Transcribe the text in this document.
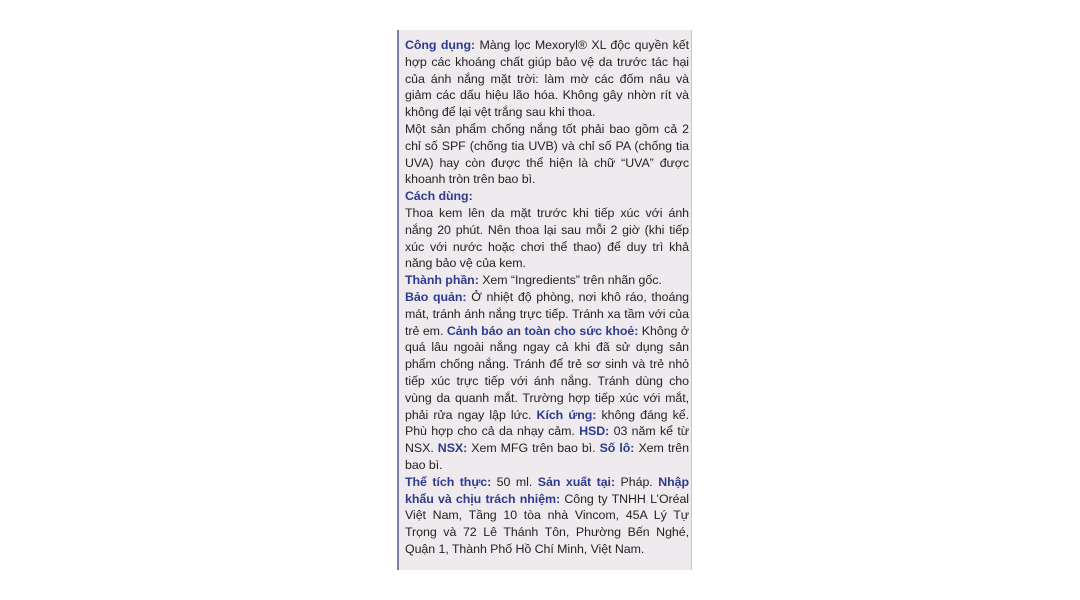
Công dụng: Màng lọc Mexoryl® XL độc quyền kết hợp các khoáng chất giúp bảo vệ da trước tác hại của ánh nắng mặt trời: làm mờ các đốm nâu và giảm các dấu hiệu lão hóa. Không gây nhờn rít và không để lại vệt trắng sau khi thoa.

Một sản phẩm chống nắng tốt phải bao gồm cả 2 chỉ số SPF (chống tia UVB) và chỉ số PA (chống tia UVA) hay còn được thể hiện là chữ “UVA” được khoanh tròn trên bao bì.

Cách dùng:

Thoa kem lên da mặt trước khi tiếp xúc với ánh nắng 20 phút. Nên thoa lại sau mỗi 2 giờ (khi tiếp xúc với nước hoặc chơi thể thao) để duy trì khả năng bảo vệ của kem.

Thành phần: Xem “Ingredients” trên nhãn gốc.

Bảo quản: Ở nhiệt độ phòng, nơi khô ráo, thoáng mát, tránh ánh nắng trực tiếp. Tránh xa tầm với của trẻ em. Cảnh báo an toàn cho sức khoẻ: Không ở quá lâu ngoài nắng ngay cả khi đã sử dụng sản phẩm chống nắng. Tránh để trẻ sơ sinh và trẻ nhỏ tiếp xúc trực tiếp với ánh nắng. Tránh dùng cho vùng da quanh mắt. Trường hợp tiếp xúc với mắt, phải rửa ngay lập lức. Kích ứng: không đáng kể. Phù hợp cho cả da nhạy cảm. HSD: 03 năm kể từ NSX. NSX: Xem MFG trên bao bì. Số lô: Xem trên bao bì.

Thể tích thực: 50 ml. Sản xuất tại: Pháp. Nhập khẩu và chịu trách nhiệm: Công ty TNHH L’Oréal Việt Nam, Tầng 10 tòa nhà Vincom, 45A Lý Tự Trọng và 72 Lê Thánh Tôn, Phường Bến Nghé, Quận 1, Thành Phố Hồ Chí Minh, Việt Nam.
